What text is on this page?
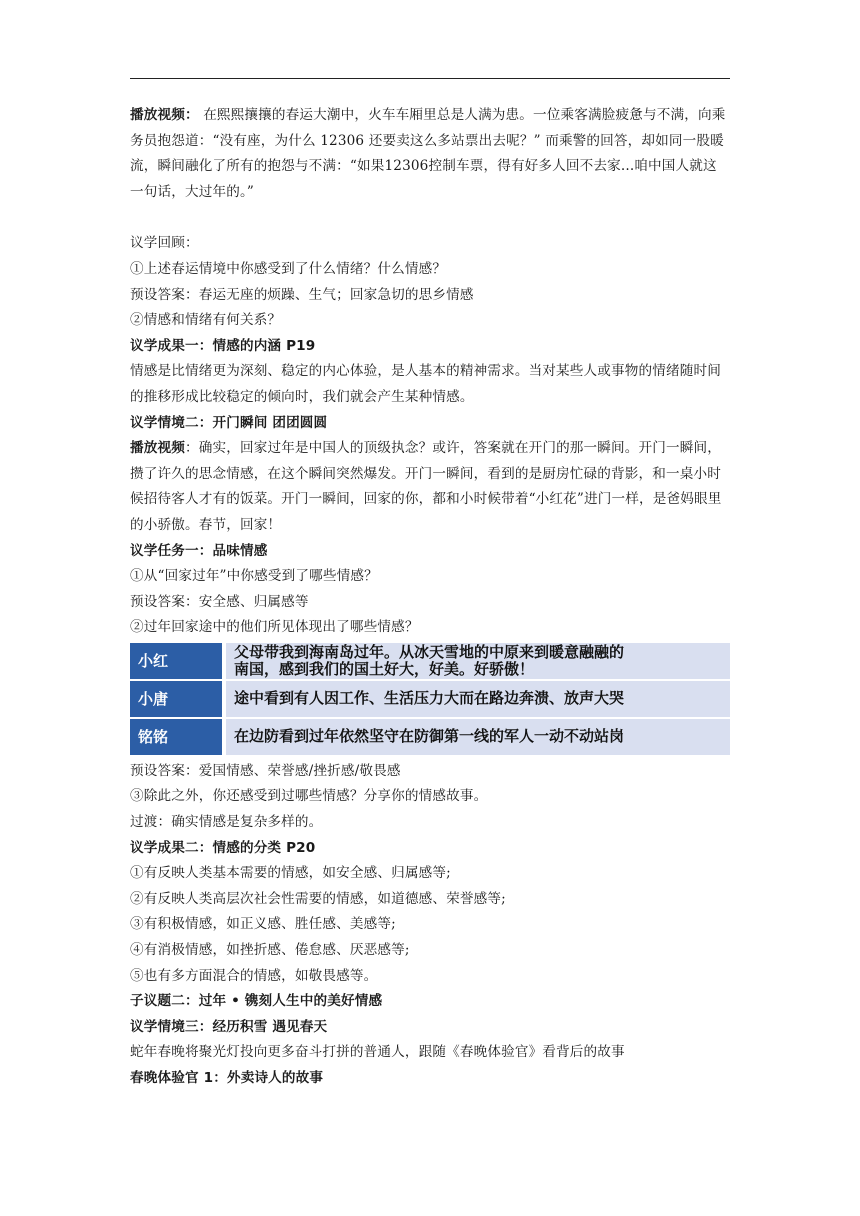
播放视频： 在熙熙攘攘的春运大潮中，火车车厢里总是人满为患。一位乘客满脸疲惫与不满，向乘务员抱怨道：“没有座，为什么 12306 还要卖这么多站票出去呢？” 而乘警的回答，却如同一股暖流，瞬间融化了所有的抱怨与不满：“如果12306控制车票，得有好多人回不去家...咱中国人就这一句话，大过年的。”

议学回顾：

①上述春运情境中你感受到了什么情绪？什么情感？

预设答案：春运无座的烦躁、生气；回家急切的思乡情感

②情感和情绪有何关系？

议学成果一：情感的内涵 P19

情感是比情绪更为深刻、稳定的内心体验，是人基本的精神需求。当对某些人或事物的情绪随时间的推移形成比较稳定的倾向时，我们就会产生某种情感。

议学情境二：开门瞬间 团团圆圆

播放视频：确实，回家过年是中国人的顶级执念？或许，答案就在开门的那一瞬间。开门一瞬间，攒了许久的思念情感，在这个瞬间突然爆发。开门一瞬间，看到的是厨房忙碌的背影，和一桌小时候招待客人才有的饭菜。开门一瞬间，回家的你，都和小时候带着“小红花”进门一样，是爸妈眼里的小骄傲。春节，回家！

议学任务一：品味情感

①从“回家过年”中你感受到了哪些情感？

预设答案：安全感、归属感等

②过年回家途中的他们所见体现出了哪些情感？

小红		父母带我到海南岛过年。从冰天雪地的中原来到暖意融融的
南国，感到我们的国土好大，好美。好骄傲！

小唐		途中看到有人因工作、生活压力大而在路边奔溃、放声大哭

铭铭		在边防看到过年依然坚守在防御第一线的军人一动不动站岗

预设答案：爱国情感、荣誉感/挫折感/敬畏感

③除此之外，你还感受到过哪些情感？分享你的情感故事。

过渡：确实情感是复杂多样的。

议学成果二：情感的分类 P20

①有反映人类基本需要的情感，如安全感、归属感等;

②有反映人类高层次社会性需要的情感，如道德感、荣誉感等;

③有积极情感，如正义感、胜任感、美感等;

④有消极情感，如挫折感、倦怠感、厌恶感等;

⑤也有多方面混合的情感，如敬畏感等。

子议题二：过年 • 镌刻人生中的美好情感

议学情境三：经历积雪 遇见春天

蛇年春晚将聚光灯投向更多奋斗打拼的普通人，跟随《春晚体验官》看背后的故事

春晚体验官 1：外卖诗人的故事
